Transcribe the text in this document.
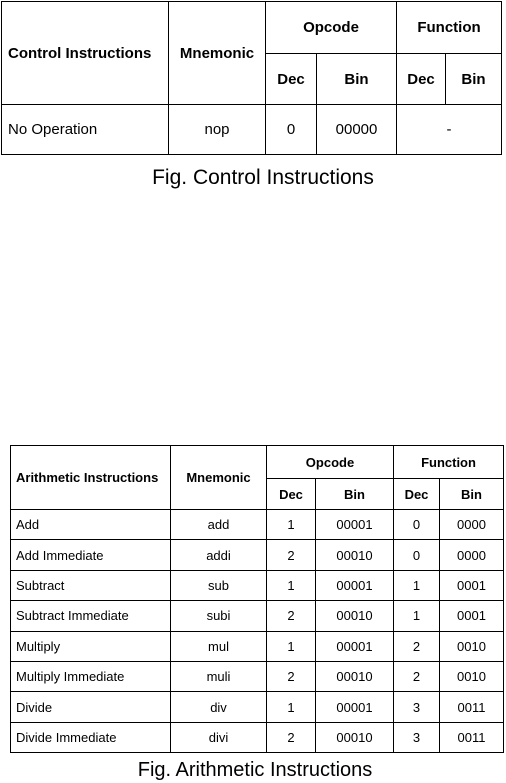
Control Instructions	Mnemonic	Opcode		Function	
		Dec	Bin	Dec	Bin
No Operation	nop	0	00000	-	
Fig. Control Instructions
Arithmetic Instructions	Mnemonic	Opcode		Function	
		Dec	Bin	Dec	Bin
Add	add	1	00001	0	0000
Add Immediate	addi	2	00010	0	0000
Subtract	sub	1	00001	1	0001
Subtract Immediate	subi	2	00010	1	0001
Multiply	mul	1	00001	2	0010
Multiply Immediate	muli	2	00010	2	0010
Divide	div	1	00001	3	0011
Divide Immediate	divi	2	00010	3	0011
Fig. Arithmetic Instructions
